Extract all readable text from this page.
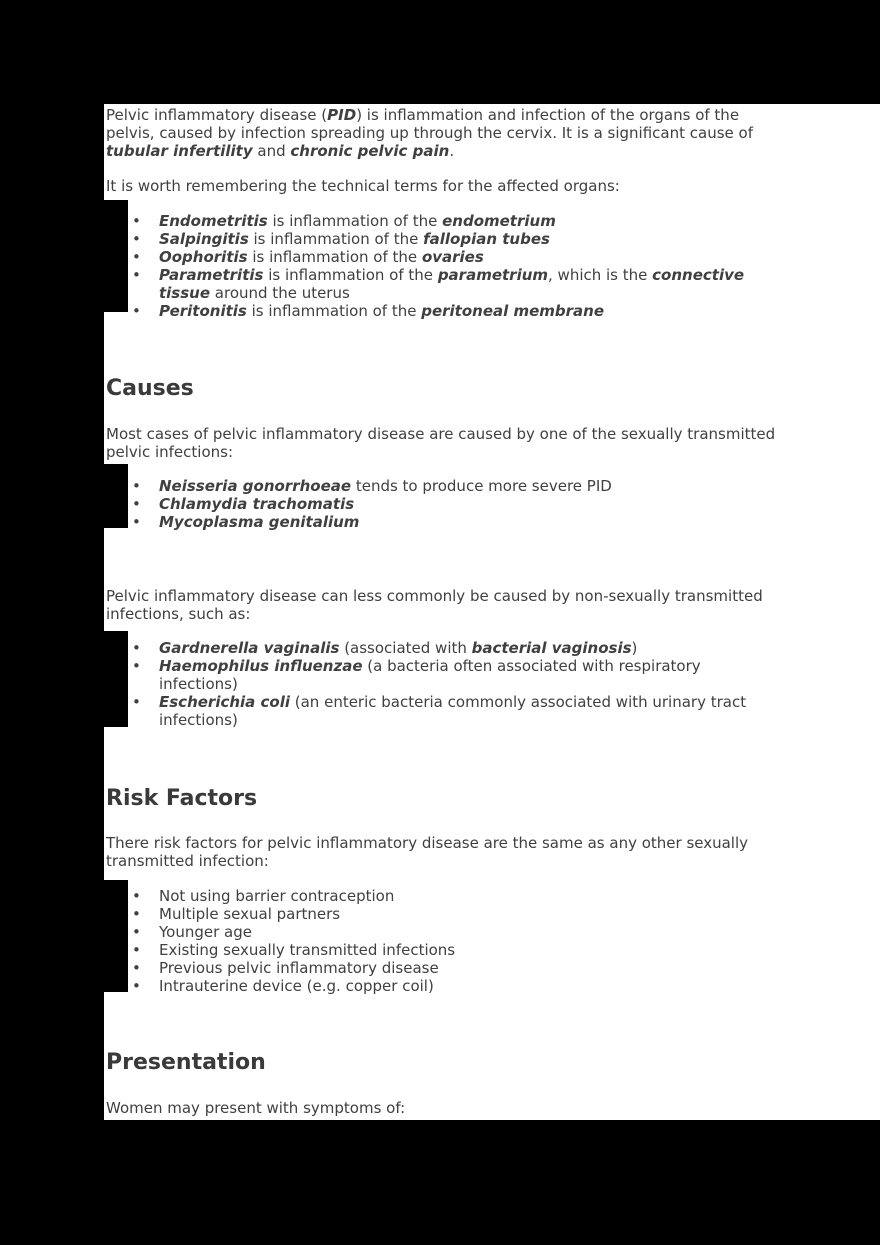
Pelvic inflammatory disease (PID) is inflammation and infection of the organs of the pelvis, caused by infection spreading up through the cervix. It is a significant cause of tubular infertility and chronic pelvic pain.

It is worth remembering the technical terms for the affected organs:

• Endometritis is inflammation of the endometrium
• Salpingitis is inflammation of the fallopian tubes
• Oophoritis is inflammation of the ovaries
• Parametritis is inflammation of the parametrium, which is the connective tissue around the uterus
• Peritonitis is inflammation of the peritoneal membrane
Causes

Most cases of pelvic inflammatory disease are caused by one of the sexually transmitted pelvic infections:

• Neisseria gonorrhoeae tends to produce more severe PID
• Chlamydia trachomatis
• Mycoplasma genitalium

Pelvic inflammatory disease can less commonly be caused by non-sexually transmitted infections, such as:

• Gardnerella vaginalis (associated with bacterial vaginosis)
• Haemophilus influenzae (a bacteria often associated with respiratory infections)
• Escherichia coli (an enteric bacteria commonly associated with urinary tract infections)
Risk Factors

There risk factors for pelvic inflammatory disease are the same as any other sexually transmitted infection:

• Not using barrier contraception
• Multiple sexual partners
• Younger age
• Existing sexually transmitted infections
• Previous pelvic inflammatory disease
• Intrauterine device (e.g. copper coil)
Presentation

Women may present with symptoms of:
